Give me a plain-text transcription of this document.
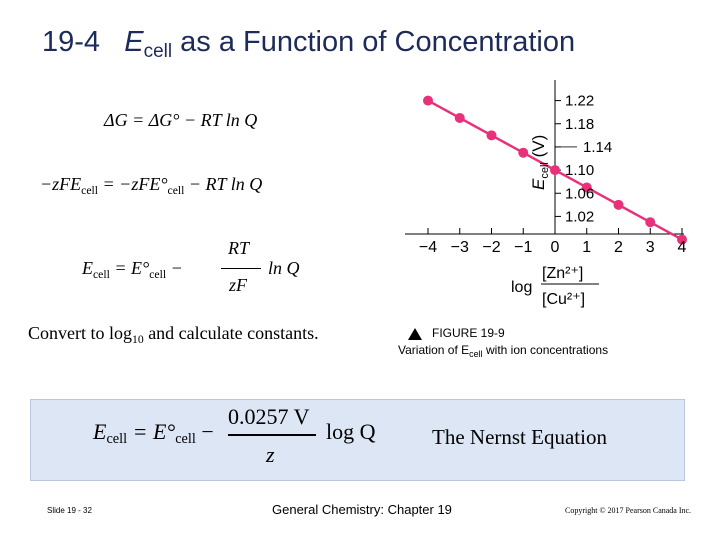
19-4 Ecell as a Function of Concentration
ΔG = ΔG° − RT ln Q
−zFEcell = −zFE°cell − RT ln Q
Ecell = E°cell −
RT
zF
ln Q
Convert to log10 and calculate constants.
Ecell = E°cell −
0.0257 V
z
log Q	The Nernst Equation
1.22
1.18
1.14
1.10
1.06
1.02
−4 −3 −2 −1 0 1 2 3 4
$E_{cell}$ (V)
log
[Zn²⁺]
[Cu²⁺]
FIGURE 19-9
Variation of $E_{cell}$ with ion concentrations
Slide 19 - 32	General Chemistry: Chapter 19	Copyright © 2017 Pearson Canada Inc.
